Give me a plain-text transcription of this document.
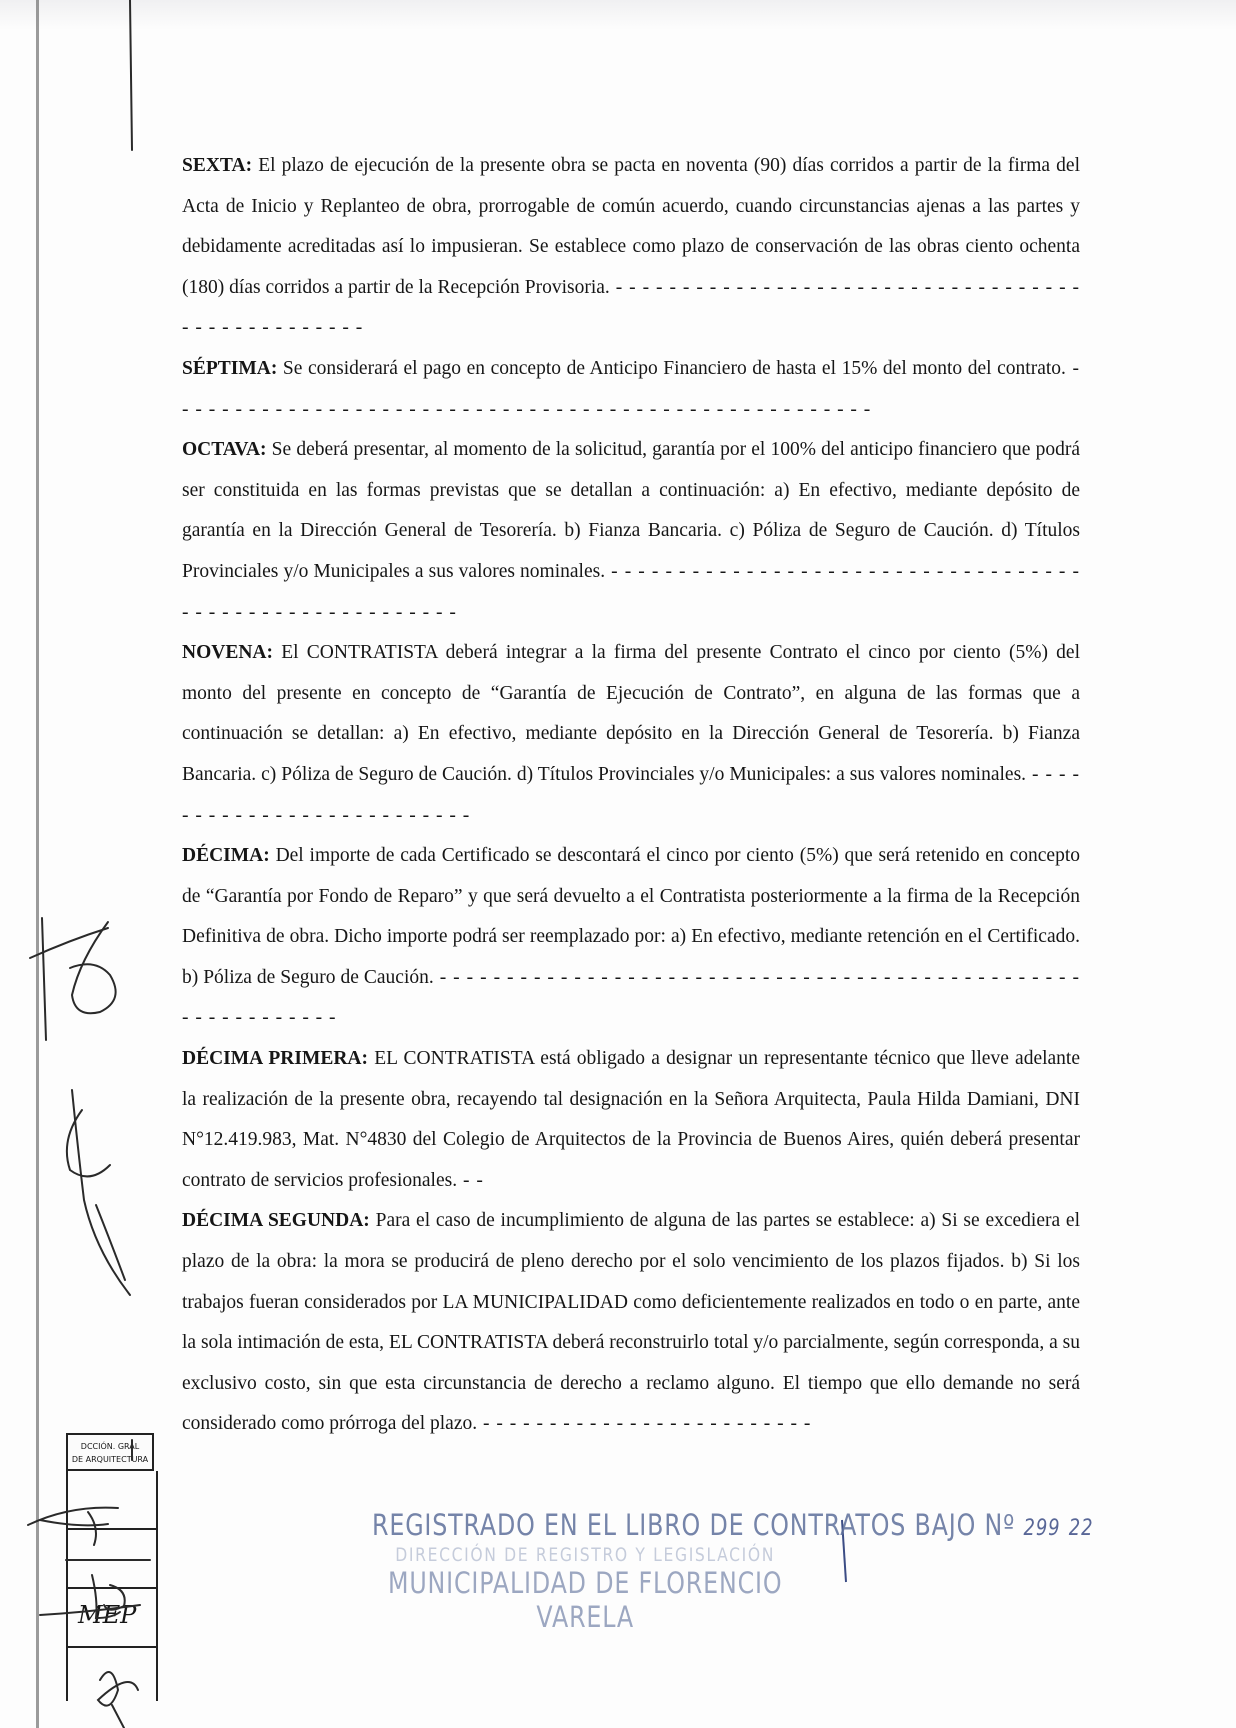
SEXTA: El plazo de ejecución de la presente obra se pacta en noventa (90) días corridos a partir de la firma del Acta de Inicio y Replanteo de obra, prorrogable de común acuerdo, cuando circunstancias ajenas a las partes y debidamente acreditadas así lo impusieran. Se establece como plazo de conservación de las obras ciento ochenta (180) días corridos a partir de la Recepción Provisoria. - - - - - - - - - - - - - - - - - - - - - - - - - - - - - - - - - - - - - - - - - - - - - - - - -

SÉPTIMA: Se considerará el pago en concepto de Anticipo Financiero de hasta el 15% del monto del contrato. - - - - - - - - - - - - - - - - - - - - - - - - - - - - - - - - - - - - - - - - - - - - - - - - - - - - -

OCTAVA: Se deberá presentar, al momento de la solicitud, garantía por el 100% del anticipo financiero que podrá ser constituida en las formas previstas que se detallan a continuación: a) En efectivo, mediante depósito de garantía en la Dirección General de Tesorería. b) Fianza Bancaria. c) Póliza de Seguro de Caución. d) Títulos Provinciales y/o Municipales a sus valores nominales. - - - - - - - - - - - - - - - - - - - - - - - - - - - - - - - - - - - - - - - - - - - - - - - - - - - - - - - -

NOVENA: El CONTRATISTA deberá integrar a la firma del presente Contrato el cinco por ciento (5%) del monto del presente en concepto de “Garantía de Ejecución de Contrato”, en alguna de las formas que a continuación se detallan: a) En efectivo, mediante depósito en la Dirección General de Tesorería. b) Fianza Bancaria. c) Póliza de Seguro de Caución. d) Títulos Provinciales y/o Municipales: a sus valores nominales. - - - - - - - - - - - - - - - - - - - - - - - - - -

DÉCIMA: Del importe de cada Certificado se descontará el cinco por ciento (5%) que será retenido en concepto de “Garantía por Fondo de Reparo” y que será devuelto a el Contratista posteriormente a la firma de la Recepción Definitiva de obra. Dicho importe podrá ser reemplazado por: a) En efectivo, mediante retención en el Certificado. b) Póliza de Seguro de Caución. - - - - - - - - - - - - - - - - - - - - - - - - - - - - - - - - - - - - - - - - - - - - - - - - - - - - - - - - - - - -

DÉCIMA PRIMERA: EL CONTRATISTA está obligado a designar un representante técnico que lleve adelante la realización de la presente obra, recayendo tal designación en la Señora Arquitecta, Paula Hilda Damiani, DNI N°12.419.983, Mat. N°4830 del Colegio de Arquitectos de la Provincia de Buenos Aires, quién deberá presentar contrato de servicios profesionales. - -

DÉCIMA SEGUNDA: Para el caso de incumplimiento de alguna de las partes se establece: a) Si se excediera el plazo de la obra: la mora se producirá de pleno derecho por el solo vencimiento de los plazos fijados. b) Si los trabajos fueran considerados por LA MUNICIPALIDAD como deficientemente realizados en todo o en parte, ante la sola intimación de esta, EL CONTRATISTA deberá reconstruirlo total y/o parcialmente, según corresponda, a su exclusivo costo, sin que esta circunstancia de derecho a reclamo alguno. El tiempo que ello demande no será considerado como prórroga del plazo. - - - - - - - - - - - - - - - - - - - - - - - - -

DCCIÓN. GRAL
DE ARQUITECTURA
MEP
REGISTRADO EN EL LIBRO DE CONTRATOS BAJO Nº 299 22
DIRECCIÓN DE REGISTRO Y LEGISLACIÓN
MUNICIPALIDAD DE FLORENCIO VARELA
